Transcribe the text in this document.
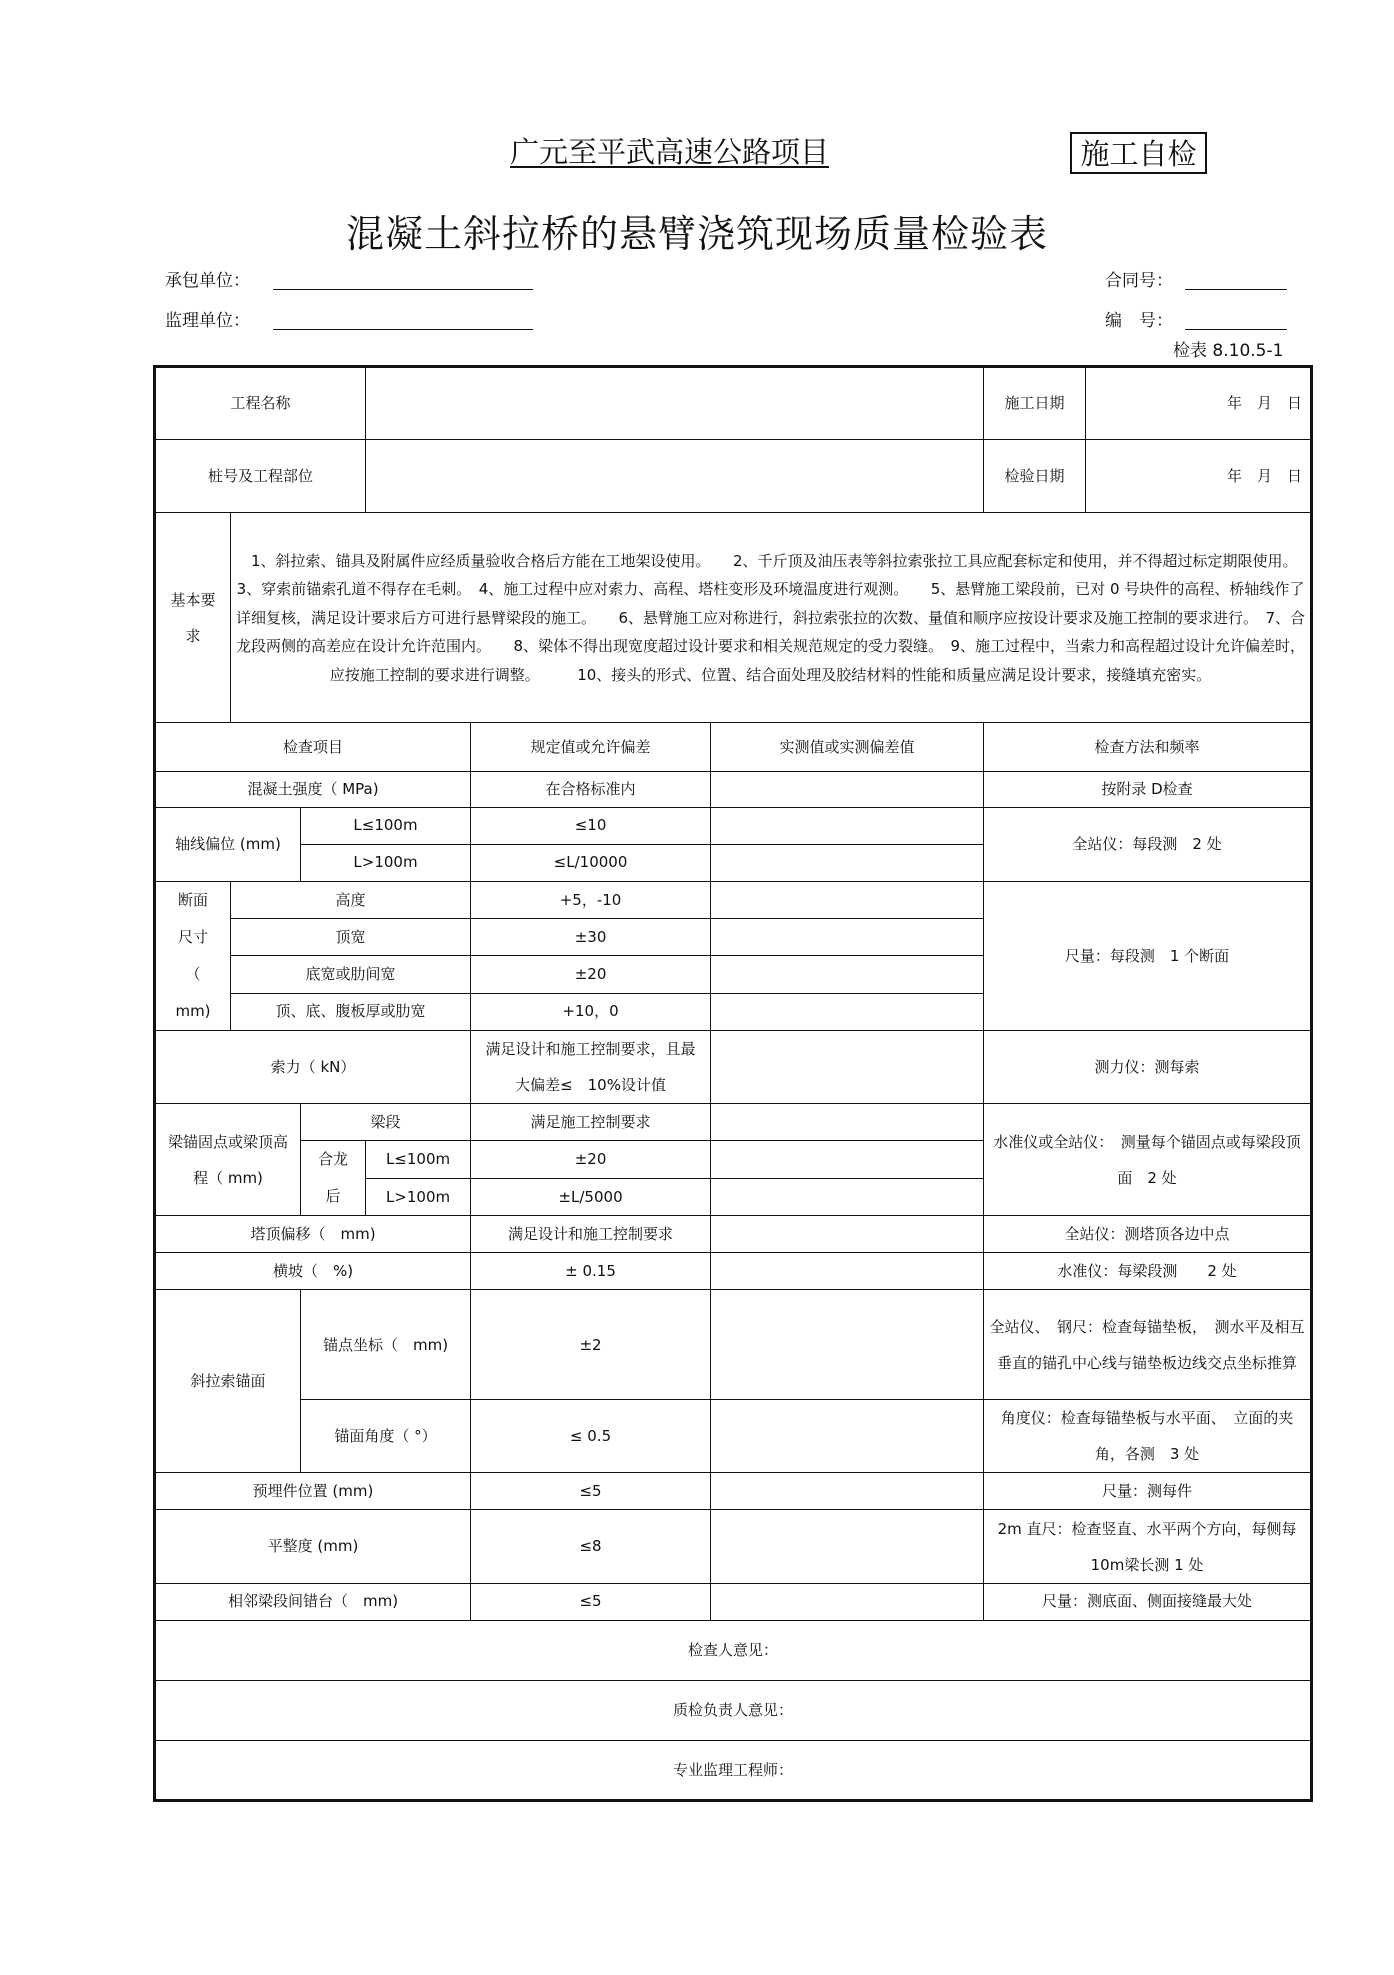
广元至平武高速公路项目	施工自检
混凝土斜拉桥的悬臂浇筑现场质量检验表
承包单位：
监理单位：
合同号：
编　号：
检表 8.10.5-1
工程名称						施工日期	年　月　日
桩号及工程部位						检验日期	年　月　日
基本要求	1、斜拉索、锚具及附属件应经质量验收合格后方能在工地架设使用。　　2、千斤顶及油压表等斜拉索张拉工具应配套标定和使用，并不得超过标定期限使用。　3、穿索前锚索孔道不得存在毛刺。　4、施工过程中应对索力、高程、塔柱变形及环境温度进行观测。　　5、悬臂施工梁段前，已对 0 号块件的高程、桥轴线作了详细复核，满足设计要求后方可进行悬臂梁段的施工。　　6、悬臂施工应对称进行，斜拉索张拉的次数、量值和顺序应按设计要求及施工控制的要求进行。　7、合龙段两侧的高差应在设计允许范围内。　　8、梁体不得出现宽度超过设计要求和相关规范规定的受力裂缝。　9、施工过程中，当索力和高程超过设计允许偏差时，应按施工控制的要求进行调整。　　　10、接头的形式、位置、结合面处理及胶结材料的性能和质量应满足设计要求，接缝填充密实。						
检查项目				规定值或允许偏差	实测值或实测偏差值	检查方法和频率	
混凝土强度（ MPa)				在合格标准内		按附录 D检查	
轴线偏位 (mm)		L≤100m		≤10		全站仪：每段测　2 处	
		L>100m		≤L/10000			
断面尺寸（ mm)	高度			+5，-10		尺量：每段测　1 个断面	
	顶宽			±30			
	底宽或肋间宽			±20			
	顶、底、腹板厚或肋宽			+10，0			
索力（ kN）				满足设计和施工控制要求，且最大偏差≤　10%设计值		测力仪：测每索	
梁锚固点或梁顶高程（ mm)		梁段		满足施工控制要求		水准仪或全站仪：　测量每个锚固点或每梁段顶面　2 处	
		合龙后	L≤100m	±20			
			L>100m	±L/5000			
塔顶偏移（　mm)				满足设计和施工控制要求		全站仪：测塔顶各边中点	
横坡（　%)				± 0.15		水准仪：每梁段测　　2 处	
斜拉索锚面		锚点坐标（　mm)		±2		全站仪、　钢尺：检查每锚垫板，　测水平及相互垂直的锚孔中心线与锚垫板边线交点坐标推算	
		锚面角度（ °）		≤ 0.5		角度仪：检查每锚垫板与水平面、　立面的夹角，各测　3 处	
预埋件位置 (mm)				≤5		尺量：测每件	
平整度 (mm)				≤8		2m 直尺：检查竖直、水平两个方向，每侧每 10m梁长测 1 处	
相邻梁段间错台（　mm)				≤5		尺量：测底面、侧面接缝最大处	
检查人意见：							
质检负责人意见：							
专业监理工程师：							
